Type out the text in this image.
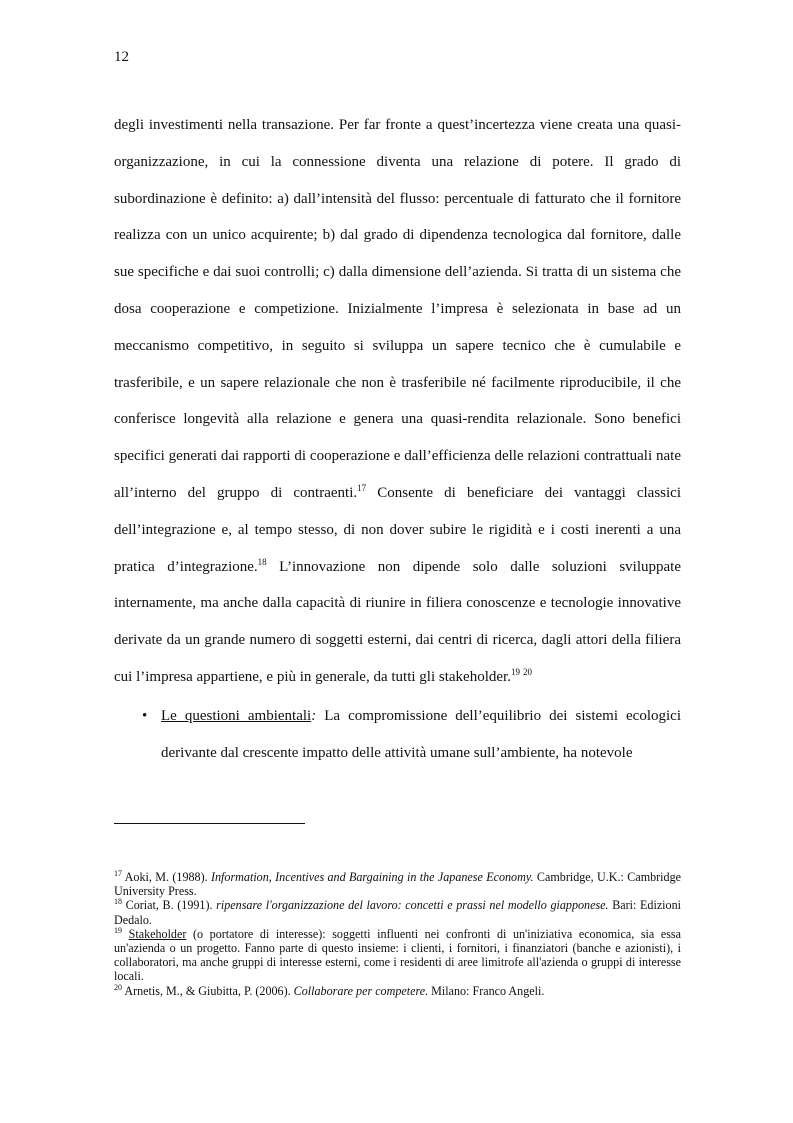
12

degli investimenti nella transazione. Per far fronte a quest’incertezza viene creata una quasi-organizzazione, in cui la connessione diventa una relazione di potere. Il grado di subordinazione è definito: a) dall’intensità del flusso: percentuale di fatturato che il fornitore realizza con un unico acquirente; b) dal grado di dipendenza tecnologica dal fornitore, dalle sue specifiche e dai suoi controlli; c) dalla dimensione dell’azienda. Si tratta di un sistema che dosa cooperazione e competizione. Inizialmente l’impresa è selezionata in base ad un meccanismo competitivo, in seguito si sviluppa un sapere tecnico che è cumulabile e trasferibile, e un sapere relazionale che non è trasferibile né facilmente riproducibile, il che conferisce longevità alla relazione e genera una quasi-rendita relazionale. Sono benefici specifici generati dai rapporti di cooperazione e dall’efficienza delle relazioni contrattuali nate all’interno del gruppo di contraenti.$^{17}$ Consente di beneficiare dei vantaggi classici dell’integrazione e, al tempo stesso, di non dover subire le rigidità e i costi inerenti a una pratica d’integrazione.$^{18}$ L’innovazione non dipende solo dalle soluzioni sviluppate internamente, ma anche dalla capacità di riunire in filiera conoscenze e tecnologie innovative derivate da un grande numero di soggetti esterni, dai centri di ricerca, dagli attori della filiera cui l’impresa appartiene, e più in generale, da tutti gli stakeholder.$^{19}$  $^{20}$

• Le questioni ambientali: La compromissione dell’equilibrio dei sistemi ecologici derivante dal crescente impatto delle attività umane sull’ambiente, ha notevole

$^{17}$ Aoki, M. (1988). Information, Incentives and Bargaining in the Japanese Economy. Cambridge, U.K.: Cambridge University Press.

$^{18}$ Coriat, B. (1991). ripensare l'organizzazione del lavoro: concetti e prassi nel modello giapponese. Bari: Edizioni Dedalo.

$^{19}$ Stakeholder (o portatore di interesse): soggetti influenti nei confronti di un'iniziativa economica, sia essa un'azienda o un progetto. Fanno parte di questo insieme: i clienti, i fornitori, i finanziatori (banche e azionisti), i collaboratori, ma anche gruppi di interesse esterni, come i residenti di aree limitrofe all'azienda o gruppi di interesse locali.

$^{20}$ Arnetis, M., & Giubitta, P. (2006). Collaborare per competere. Milano: Franco Angeli.
